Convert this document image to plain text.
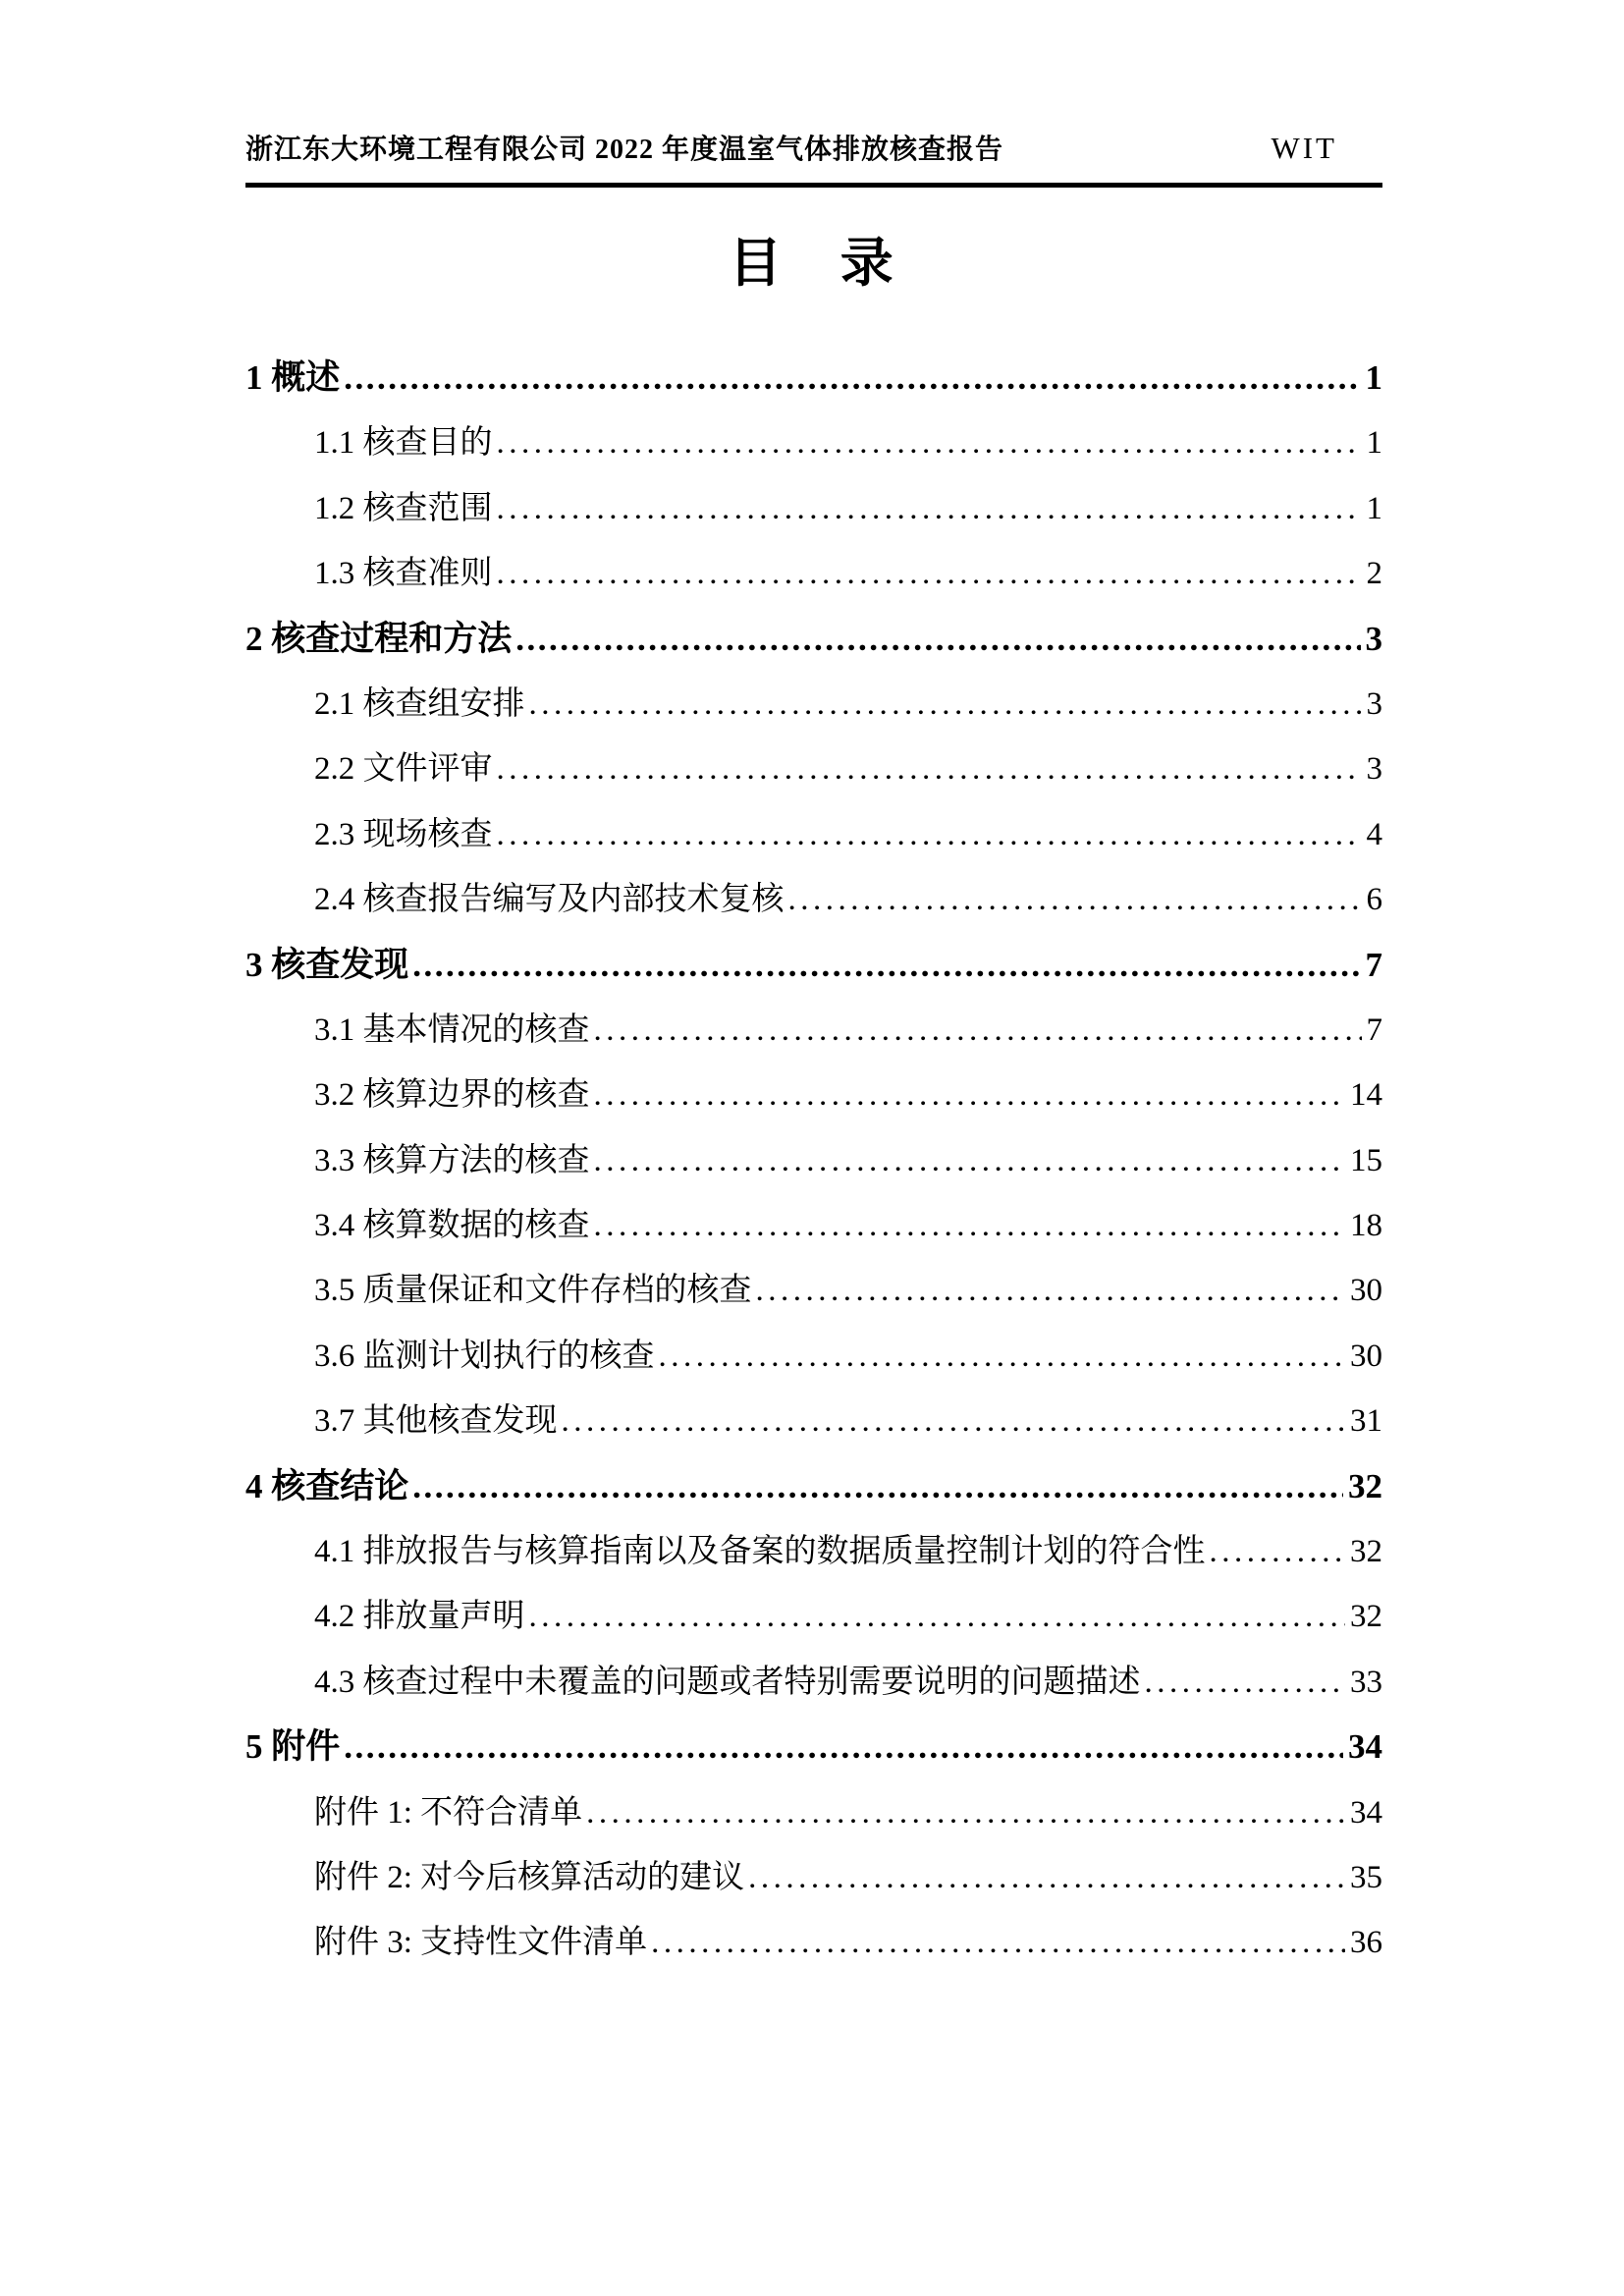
浙江东大环境工程有限公司 2022 年度温室气体排放核查报告	WIT
目 录
1 概述 .....	1
1.1 核查目的 .....	1
1.2 核查范围 .....	1
1.3 核查准则 .....	2
2 核查过程和方法 .....	3
2.1 核查组安排 .....	3
2.2 文件评审 .....	3
2.3 现场核查 .....	4
2.4 核查报告编写及内部技术复核 .....	6
3 核查发现 .....	7
3.1 基本情况的核查 .....	7
3.2 核算边界的核查 .....	14
3.3 核算方法的核查 .....	15
3.4 核算数据的核查 .....	18
3.5 质量保证和文件存档的核查 .....	30
3.6 监测计划执行的核查 .....	30
3.7 其他核查发现 .....	31
4 核查结论 .....	32
4.1 排放报告与核算指南以及备案的数据质量控制计划的符合性 .....	32
4.2 排放量声明 .....	32
4.3 核查过程中未覆盖的问题或者特别需要说明的问题描述 .....	33
5 附件 .....	34
附件 1: 不符合清单 .....	34
附件 2: 对今后核算活动的建议 .....	35
附件 3: 支持性文件清单 .....	36
